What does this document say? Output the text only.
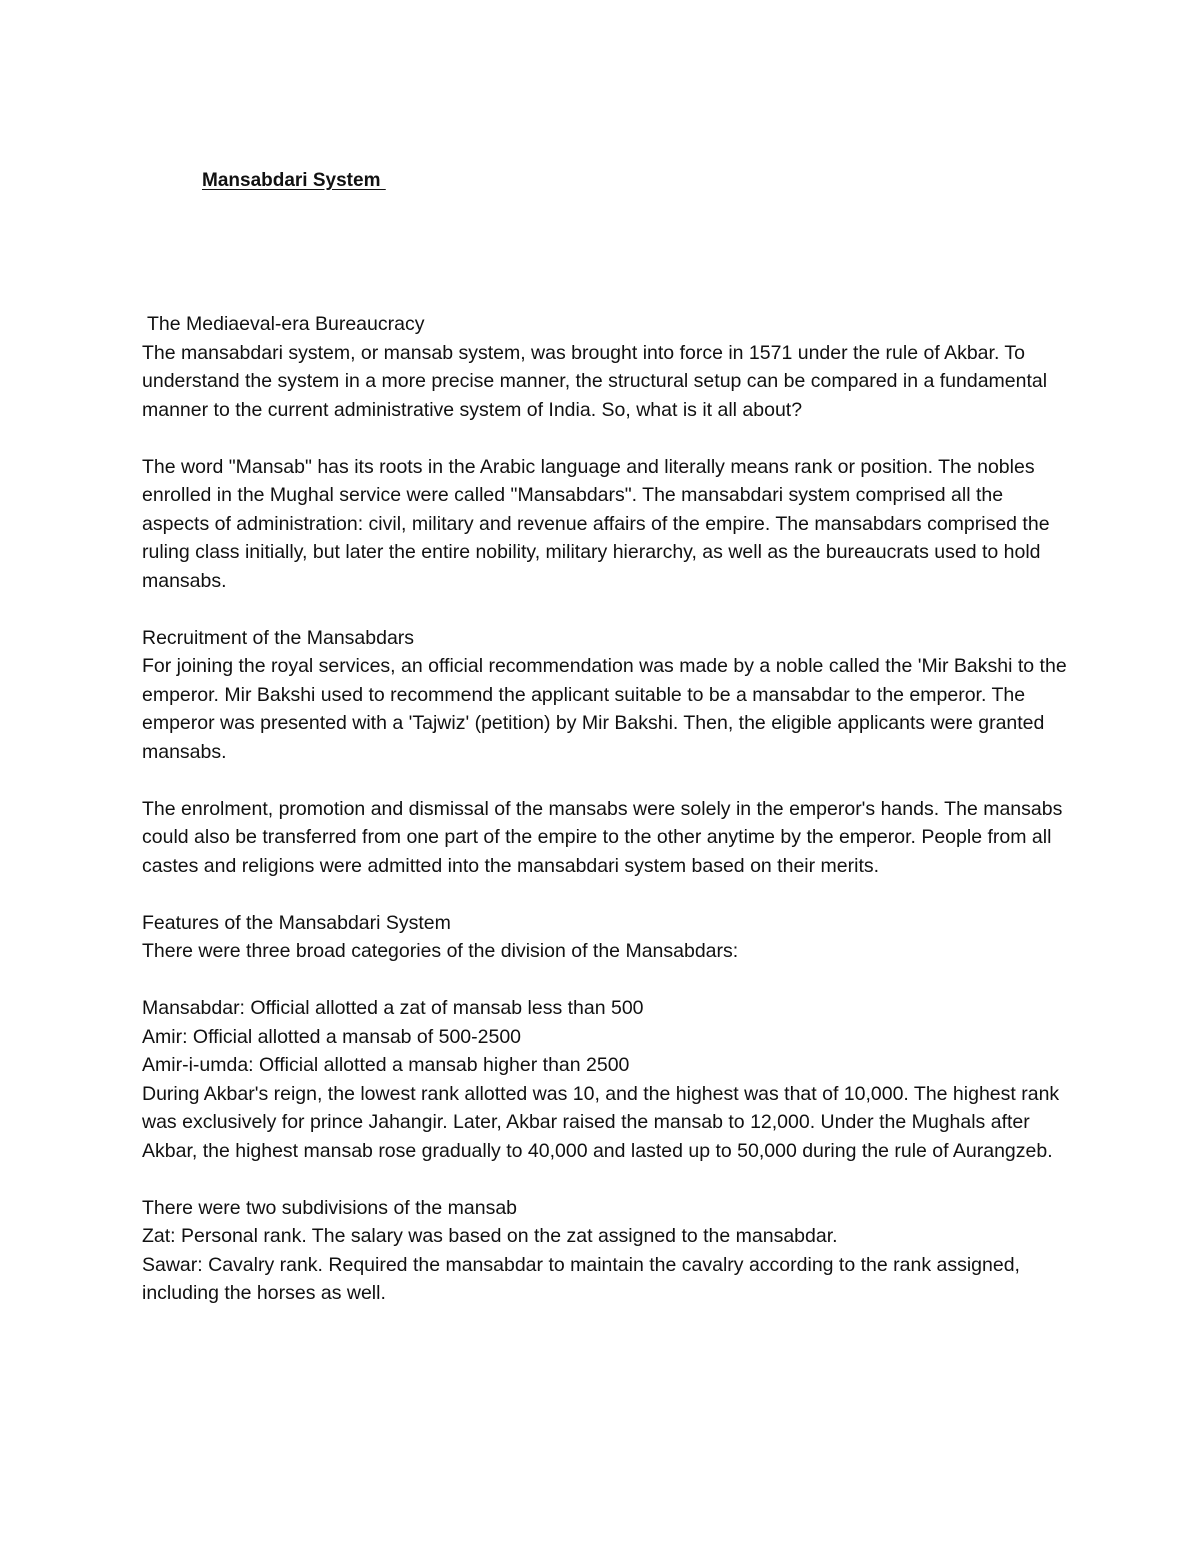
Mansabdari System

The Mediaeval-era Bureaucracy

The mansabdari system, or mansab system, was brought into force in 1571 under the rule of Akbar. To understand the system in a more precise manner, the structural setup can be compared in a fundamental manner to the current administrative system of India. So, what is it all about?

The word "Mansab" has its roots in the Arabic language and literally means rank or position. The nobles enrolled in the Mughal service were called "Mansabdars". The mansabdari system comprised all the aspects of administration: civil, military and revenue affairs of the empire. The mansabdars comprised the ruling class initially, but later the entire nobility, military hierarchy, as well as the bureaucrats used to hold mansabs.

Recruitment of the Mansabdars

For joining the royal services, an official recommendation was made by a noble called the 'Mir Bakshi to the emperor. Mir Bakshi used to recommend the applicant suitable to be a mansabdar to the emperor. The emperor was presented with a 'Tajwiz' (petition) by Mir Bakshi. Then, the eligible applicants were granted mansabs.

The enrolment, promotion and dismissal of the mansabs were solely in the emperor's hands. The mansabs could also be transferred from one part of the empire to the other anytime by the emperor. People from all castes and religions were admitted into the mansabdari system based on their merits.

Features of the Mansabdari System

There were three broad categories of the division of the Mansabdars:

Mansabdar: Official allotted a zat of mansab less than 500

Amir: Official allotted a mansab of 500-2500

Amir-i-umda: Official allotted a mansab higher than 2500

During Akbar's reign, the lowest rank allotted was 10, and the highest was that of 10,000. The highest rank was exclusively for prince Jahangir. Later, Akbar raised the mansab to 12,000. Under the Mughals after Akbar, the highest mansab rose gradually to 40,000 and lasted up to 50,000 during the rule of Aurangzeb.

There were two subdivisions of the mansab

Zat: Personal rank. The salary was based on the zat assigned to the mansabdar.

Sawar: Cavalry rank. Required the mansabdar to maintain the cavalry according to the rank assigned, including the horses as well.
